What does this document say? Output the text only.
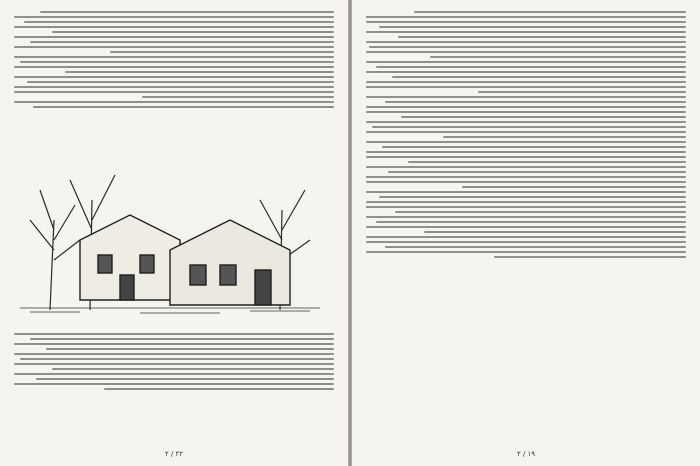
۲ / ۲۲	۲ / ۱۹
